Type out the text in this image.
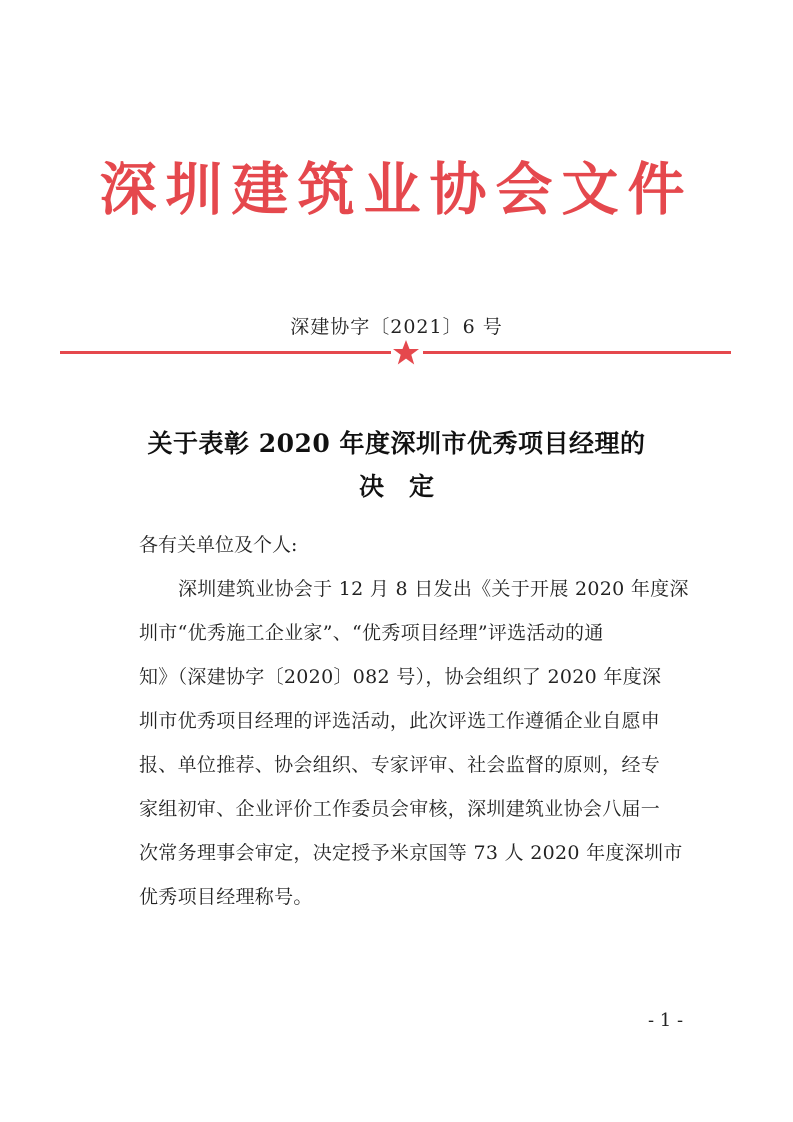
深圳建筑业协会文件
深建协字〔2021〕6 号
关于表彰 2020 年度深圳市优秀项目经理的
决　定
各有关单位及个人:
深圳建筑业协会于 12 月 8 日发出《关于开展 2020 年度深
圳市“优秀施工企业家”、“优秀项目经理”评选活动的通
知》（深建协字〔2020〕082 号），协会组织了 2020 年度深
圳市优秀项目经理的评选活动，此次评选工作遵循企业自愿申
报、单位推荐、协会组织、专家评审、社会监督的原则，经专
家组初审、企业评价工作委员会审核，深圳建筑业协会八届一
次常务理事会审定，决定授予米京国等 73 人 2020 年度深圳市
优秀项目经理称号。
- 1 -
